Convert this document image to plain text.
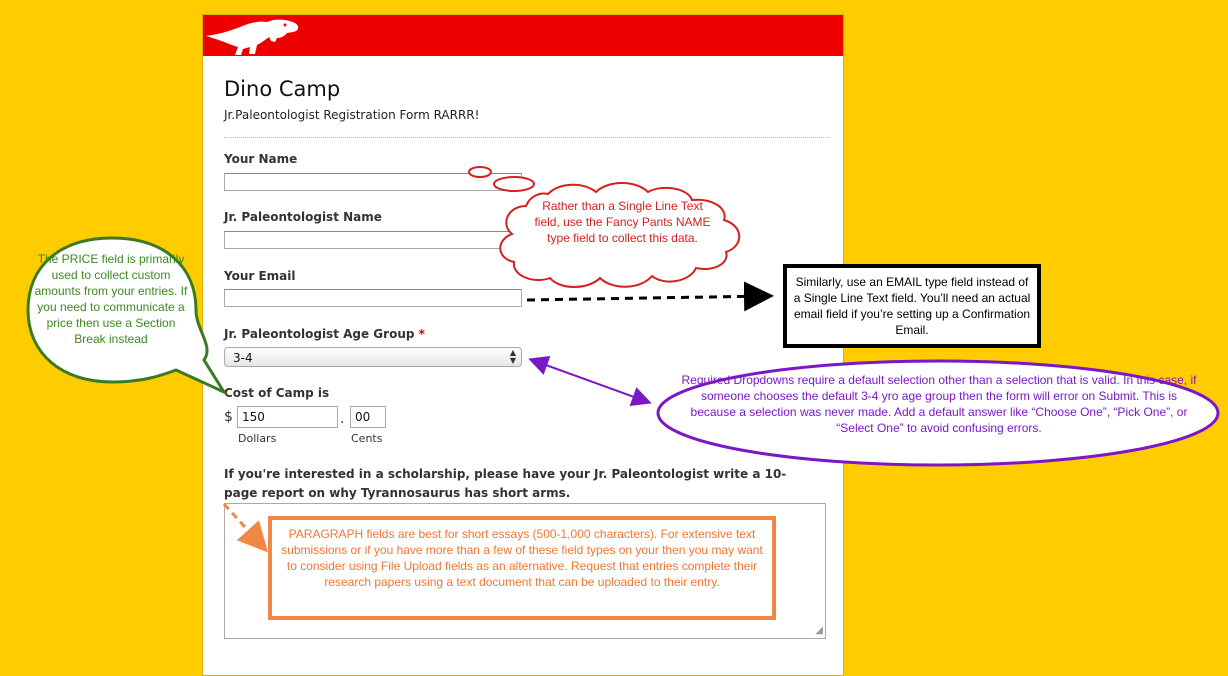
Dino Camp
Jr.Paleontologist Registration Form RARRR!
Your Name
Jr. Paleontologist Name
Your Email
Jr. Paleontologist Age Group *
3-4	▲
▼
Cost of Camp is
$ 150	. 00
Dollars	Cents
If you're interested in a scholarship, please have your Jr. Paleontologist write a 10-page report on why Tyrannosaurus has short arms.
◢
The PRICE field is primarily used to collect custom amounts from your entries. If you need to communicate a price then use a Section Break instead
Rather than a Single Line Text field, use the Fancy Pants NAME type field to collect this data.
Similarly, use an EMAIL type field instead of a Single Line Text field. You’ll need an actual email field if you’re setting up a Confirmation Email.
Required Dropdowns require a default selection other than a selection that is valid. In this case, if someone chooses the default 3-4 yro age group then the form will error on Submit. This is because a selection was never made. Add a default answer like “Choose One”, “Pick One”, or “Select One” to avoid confusing errors.
PARAGRAPH fields are best for short essays (500-1,000 characters). For extensive text submissions or if you have more than a few of these field types on your then you may want to consider using File Upload fields as an alternative. Request that entries complete their research papers using a text document that can be uploaded to their entry.
